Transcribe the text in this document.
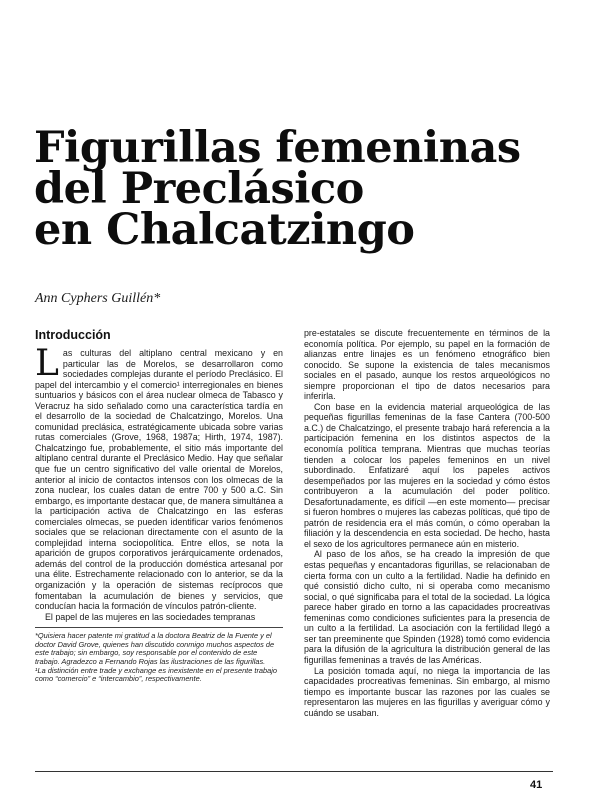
Figurillas femeninas
del Preclásico
en Chalcatzingo
Ann Cyphers Guillén*
Introducción

Las culturas del altiplano central mexicano y en particular las de Morelos, se desarrollaron como sociedades complejas durante el período Preclásico. El papel del intercambio y el comercio¹ interregionales en bienes suntuarios y básicos con el área nuclear olmeca de Tabasco y Veracruz ha sido señalado como una característica tardía en el desarrollo de la sociedad de Chalcatzingo, Morelos. Una comunidad preclásica, estratégicamente ubicada sobre varias rutas comerciales (Grove, 1968, 1987a; Hirth, 1974, 1987). Chalcatzingo fue, probablemente, el sitio más importante del altiplano central durante el Preclásico Medio. Hay que señalar que fue un centro significativo del valle oriental de Morelos, anterior al inicio de contactos intensos con los olmecas de la zona nuclear, los cuales datan de entre 700 y 500 a.C. Sin embargo, es importante destacar que, de manera simultánea a la participación activa de Chalcatzingo en las esferas comerciales olmecas, se pueden identificar varios fenómenos sociales que se relacionan directamente con el asunto de la complejidad interna sociopolítica. Entre ellos, se nota la aparición de grupos corporativos jerárquicamente ordenados, además del control de la producción doméstica artesanal por una élite. Estrechamente relacionado con lo anterior, se da la organización y la operación de sistemas recíprocos que fomentaban la acumulación de bienes y servicios, que conducían hacia la formación de vínculos patrón-cliente.

El papel de las mujeres en las sociedades tempranas

*Quisiera hacer patente mi gratitud a la doctora Beatriz de la Fuente y el doctor David Grove, quienes han discutido conmigo muchos aspectos de este trabajo; sin embargo, soy responsable por el contenido de este trabajo. Agradezco a Fernando Rojas las ilustraciones de las figurillas.

¹La distinción entre trade y exchange es inexistente en el presente trabajo como “comercio” e “intercambio”, respectivamente.

pre-estatales se discute frecuentemente en términos de la economía política. Por ejemplo, su papel en la formación de alianzas entre linajes es un fenómeno etnográfico bien conocido. Se supone la existencia de tales mecanismos sociales en el pasado, aunque los restos arqueológicos no siempre proporcionan el tipo de datos necesarios para inferirla.

Con base en la evidencia material arqueológica de las pequeñas figurillas femeninas de la fase Cantera (700-500 a.C.) de Chalcatzingo, el presente trabajo hará referencia a la participación femenina en los distintos aspectos de la economía política temprana. Mientras que muchas teorías tienden a colocar los papeles femeninos en un nivel subordinado. Enfatizaré aquí los papeles activos desempeñados por las mujeres en la sociedad y cómo éstos contribuyeron a la acumulación del poder político. Desafortunadamente, es difícil —en este momento— precisar si fueron hombres o mujeres las cabezas políticas, qué tipo de patrón de residencia era el más común, o cómo operaban la filiación y la descendencia en esta sociedad. De hecho, hasta el sexo de los agricultores permanece aún en misterio.

Al paso de los años, se ha creado la impresión de que estas pequeñas y encantadoras figurillas, se relacionaban de cierta forma con un culto a la fertilidad. Nadie ha definido en qué consistió dicho culto, ni si operaba como mecanismo social, o qué significaba para el total de la sociedad. La lógica parece haber girado en torno a las capacidades procreativas femeninas como condiciones suficientes para la presencia de un culto a la fertilidad. La asociación con la fertilidad llegó a ser tan preeminente que Spinden (1928) tomó como evidencia para la difusión de la agricultura la distribución general de las figurillas femeninas a través de las Américas.

La posición tomada aquí, no niega la importancia de las capacidades procreativas femeninas. Sin embargo, al mismo tiempo es importante buscar las razones por las cuales se representaron las mujeres en las figurillas y averiguar cómo y cuándo se usaban.

41
